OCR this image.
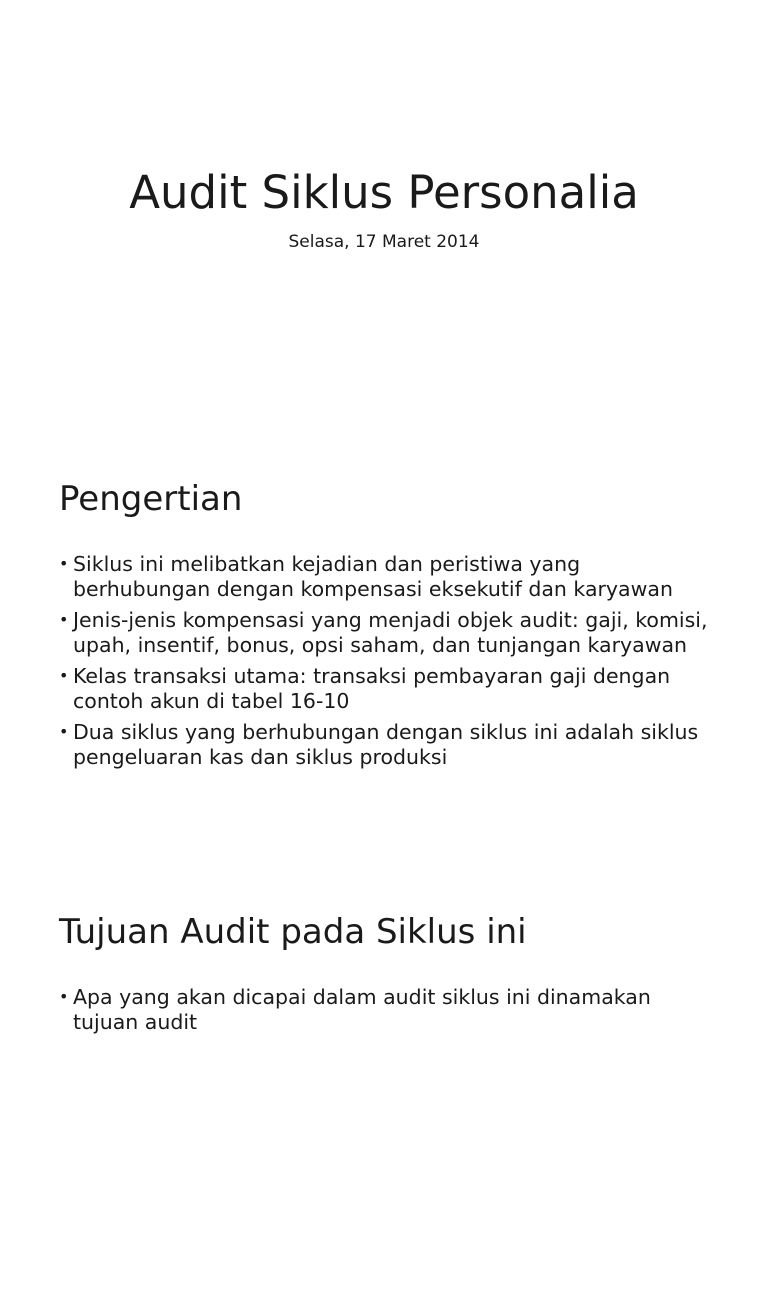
Audit Siklus Personalia
Selasa, 17 Maret 2014
Pengertian
• Siklus ini melibatkan kejadian dan peristiwa yang berhubungan dengan kompensasi eksekutif dan karyawan
• Jenis-jenis kompensasi yang menjadi objek audit: gaji, komisi, upah, insentif, bonus, opsi saham, dan tunjangan karyawan
• Kelas transaksi utama: transaksi pembayaran gaji dengan contoh akun di tabel 16-10
• Dua siklus yang berhubungan dengan siklus ini adalah siklus pengeluaran kas dan siklus produksi
Tujuan Audit pada Siklus ini
• Apa yang akan dicapai dalam audit siklus ini dinamakan tujuan audit
